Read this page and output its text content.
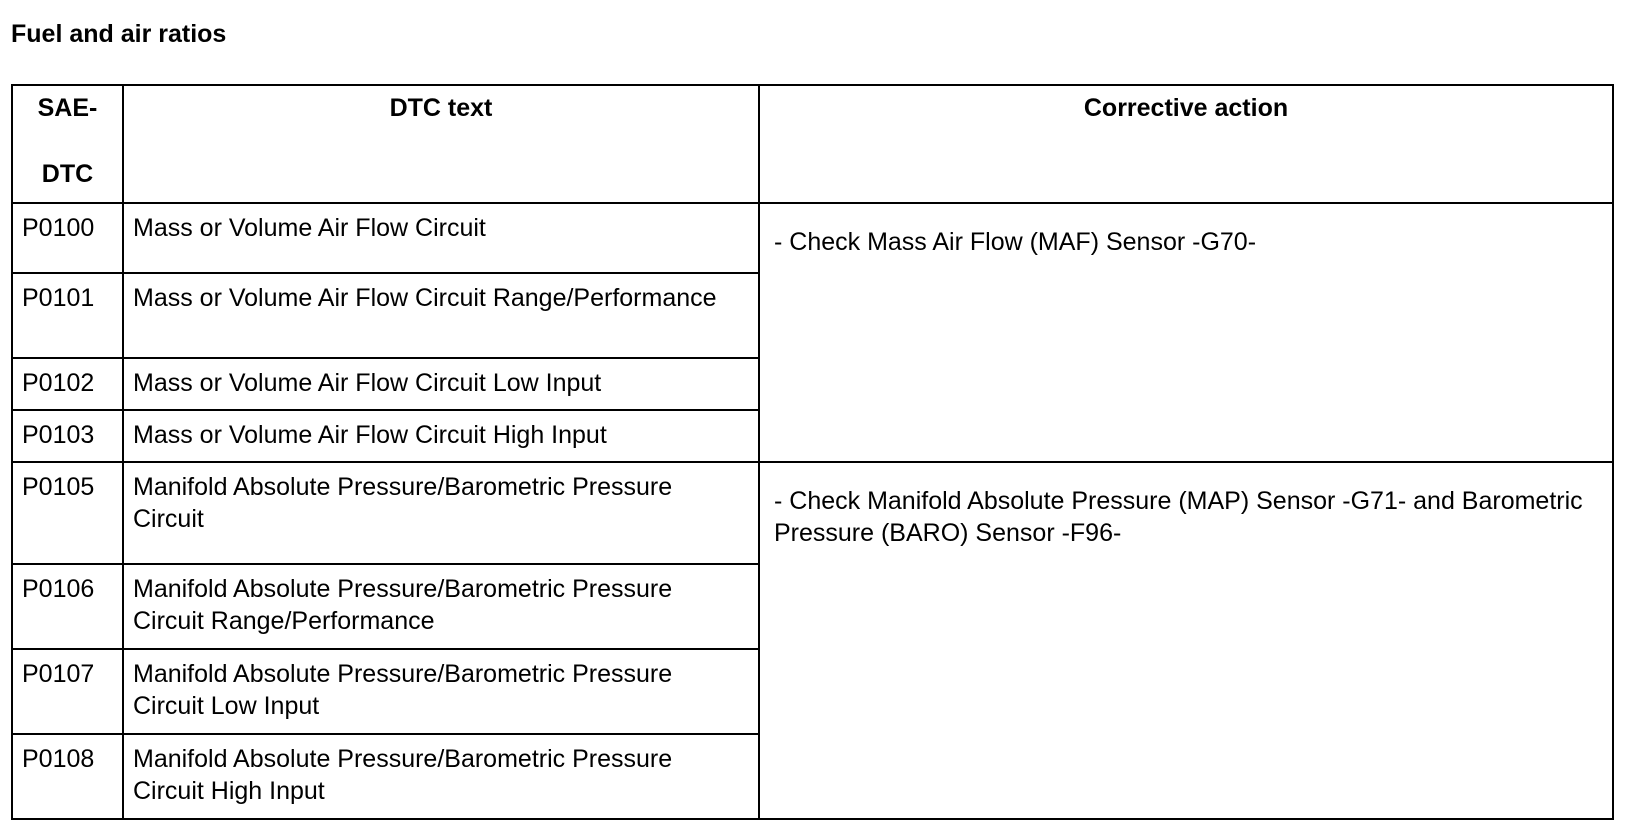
Fuel and air ratios
SAE-
DTC	DTC text	Corrective action
P0100	Mass or Volume Air Flow Circuit	- Check Mass Air Flow (MAF) Sensor -G70-
P0101	Mass or Volume Air Flow Circuit Range/Performance	
P0102	Mass or Volume Air Flow Circuit Low Input	
P0103	Mass or Volume Air Flow Circuit High Input	
P0105	Manifold Absolute Pressure/Barometric Pressure Circuit	- Check Manifold Absolute Pressure (MAP) Sensor -G71- and Barometric Pressure (BARO) Sensor -F96-
P0106	Manifold Absolute Pressure/Barometric Pressure Circuit Range/Performance	
P0107	Manifold Absolute Pressure/Barometric Pressure Circuit Low Input	
P0108	Manifold Absolute Pressure/Barometric Pressure Circuit High Input	
